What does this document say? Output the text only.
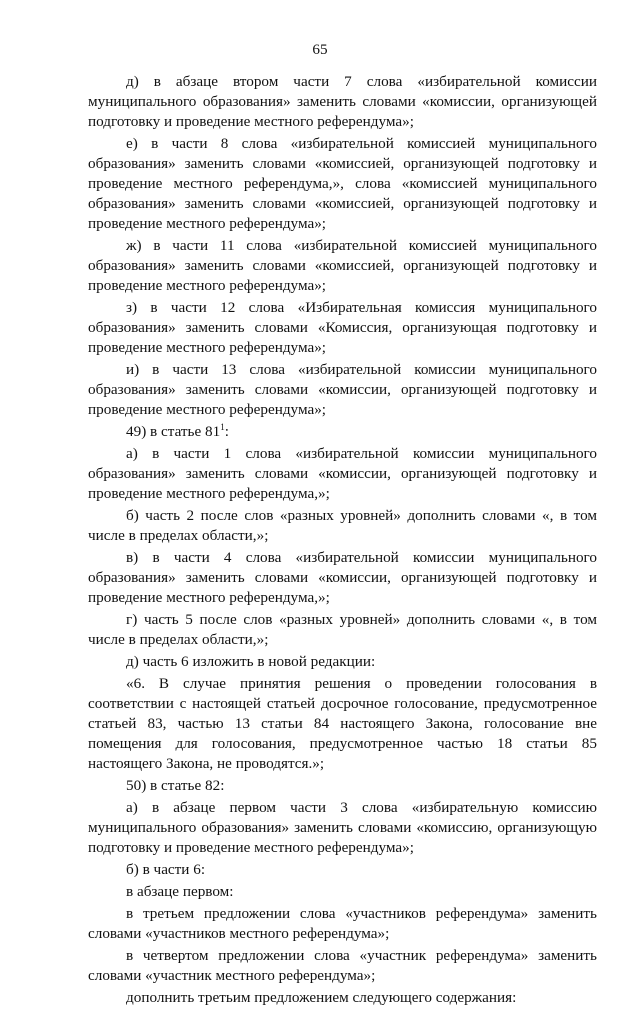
65

д) в абзаце втором части 7 слова «избирательной комиссии муниципального образования» заменить словами «комиссии, организующей подготовку и проведение местного референдума»;

е) в части 8 слова «избирательной комиссией муниципального образования» заменить словами «комиссией, организующей подготовку и проведение местного референдума,», слова «комиссией муниципального образования» заменить словами «комиссией, организующей подготовку и проведение местного референдума»;

ж) в части 11 слова «избирательной комиссией муниципального образования» заменить словами «комиссией, организующей подготовку и проведение местного референдума»;

з) в части 12 слова «Избирательная комиссия муниципального образования» заменить словами «Комиссия, организующая подготовку и проведение местного референдума»;

и) в части 13 слова «избирательной комиссии муниципального образования» заменить словами «комиссии, организующей подготовку и проведение местного референдума»;

49) в статье $81^1$:

а) в части 1 слова «избирательной комиссии муниципального образования» заменить словами «комиссии, организующей подготовку и проведение местного референдума,»;

б) часть 2 после слов «разных уровней» дополнить словами «, в том числе в пределах области,»;

в) в части 4 слова «избирательной комиссии муниципального образования» заменить словами «комиссии, организующей подготовку и проведение местного референдума,»;

г) часть 5 после слов «разных уровней» дополнить словами «, в том числе в пределах области,»;

д) часть 6 изложить в новой редакции:

«6. В случае принятия решения о проведении голосования в соответствии с настоящей статьей досрочное голосование, предусмотренное статьей 83, частью 13 статьи 84 настоящего Закона, голосование вне помещения для голосования, предусмотренное частью 18 статьи 85 настоящего Закона, не проводятся.»;

50) в статье 82:

а) в абзаце первом части 3 слова «избирательную комиссию муниципального образования» заменить словами «комиссию, организующую подготовку и проведение местного референдума»;

б) в части 6:

в абзаце первом:

в третьем предложении слова «участников референдума» заменить словами «участников местного референдума»;

в четвертом предложении слова «участник референдума» заменить словами «участник местного референдума»;

дополнить третьим предложением следующего содержания:
